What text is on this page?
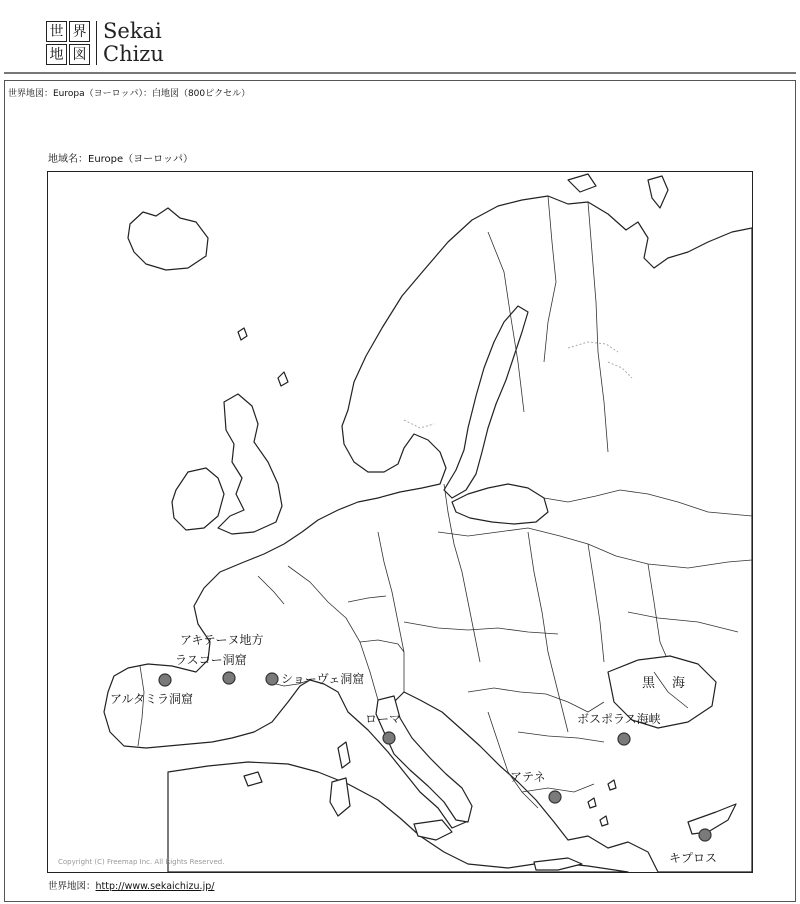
世 界
地 図
Sekai
Chizu
世界地図：Europa（ヨーロッパ）：白地図（800ピクセル）
地域名：Europe（ヨーロッパ）
アキテーヌ地方
ラスコー洞窟
ショーヴェ洞窟
アルタミラ洞窟
ローマ	ボスポラス海峡
アテネ
キプロス
黒　海
Copyright (C) Freemap Inc. All Rights Reserved.
世界地図：http://www.sekaichizu.jp/
